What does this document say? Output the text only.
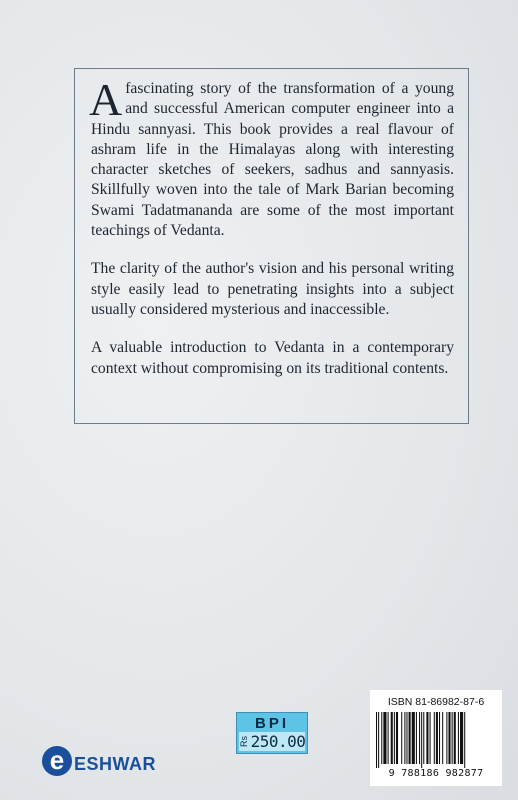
Afascinating story of the transformation of a young and successful American computer engineer into a Hindu sannyasi. This book provides a real flavour of ashram life in the Himalayas along with interesting character sketches of seekers, sadhus and sannyasis. Skillfully woven into the tale of Mark Barian becoming Swami Tadatmananda are some of the most important teachings of Vedanta.

The clarity of the author's vision and his personal writing style easily lead to penetrating insights into a subject usually considered mysterious and inaccessible.

A valuable introduction to Vedanta in a contemporary context without compromising on its traditional contents.

BPI
Rs 250.00
e ESHWAR
ISBN 81-86982-87-6
9 788186 982877
